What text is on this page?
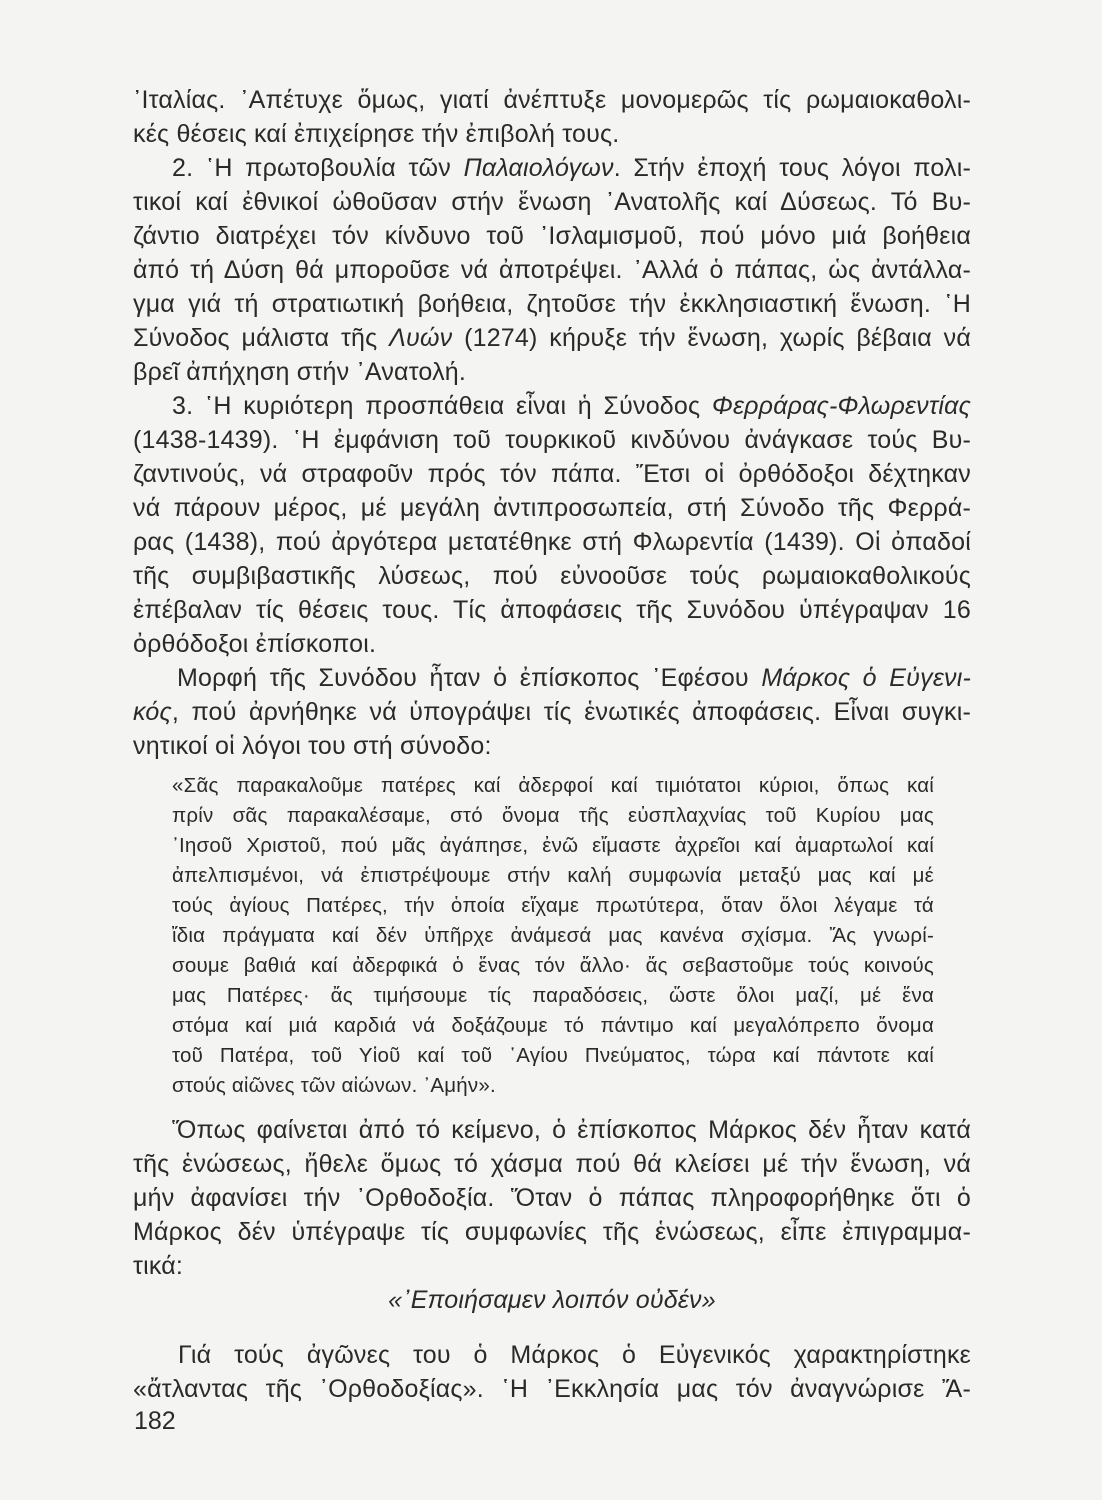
᾽Ιταλίας. ᾽Απέτυχε ὅμως, γιατί ἀνέπτυξε μονομερῶς τίς ρωμαιοκαθολι-
κές θέσεις καί ἐπιχείρησε τήν ἐπιβολή τους.
2. ῾Η πρωτοβουλία τῶν Παλαιολόγων. Στήν ἐποχή τους λόγοι πολι-
τικοί καί ἐθνικοί ὠθοῦσαν στήν ἕνωση ᾽Ανατολῆς καί Δύσεως. Τό Βυ-
ζάντιο διατρέχει τόν κίνδυνο τοῦ ᾽Ισλαμισμοῦ, πού μόνο μιά βοήθεια
ἀπό τή Δύση θά μποροῦσε νά ἀποτρέψει. ᾽Αλλά ὁ πάπας, ὡς ἀντάλλα-
γμα γιά τή στρατιωτική βοήθεια, ζητοῦσε τήν ἐκκλησιαστική ἕνωση. ῾Η
Σύνοδος μάλιστα τῆς Λυών (1274) κήρυξε τήν ἕνωση, χωρίς βέβαια νά
βρεῖ ἀπήχηση στήν ᾽Ανατολή.
3. ῾Η κυριότερη προσπάθεια εἶναι ἡ Σύνοδος Φερράρας-Φλωρεντίας
(1438-1439). ῾Η ἐμφάνιση τοῦ τουρκικοῦ κινδύνου ἀνάγκασε τούς Βυ-
ζαντινούς, νά στραφοῦν πρός τόν πάπα. Ἔτσι οἱ ὀρθόδοξοι δέχτηκαν
νά πάρουν μέρος, μέ μεγάλη ἀντιπροσωπεία, στή Σύνοδο τῆς Φερρά-
ρας (1438), πού ἀργότερα μετατέθηκε στή Φλωρεντία (1439). Οἱ ὀπαδοί
τῆς συμβιβαστικῆς λύσεως, πού εὐνοοῦσε τούς ρωμαιοκαθολικούς
ἐπέβαλαν τίς θέσεις τους. Τίς ἀποφάσεις τῆς Συνόδου ὑπέγραψαν 16
ὀρθόδοξοι ἐπίσκοποι.
Μορφή τῆς Συνόδου ἦταν ὁ ἐπίσκοπος ᾽Εφέσου Μάρκος ὁ Εὐγενι-
κός, πού ἀρνήθηκε νά ὑπογράψει τίς ἑνωτικές ἀποφάσεις. Εἶναι συγκι-
νητικοί οἱ λόγοι του στή σύνοδο:
«Σᾶς παρακαλοῦμε πατέρες καί ἀδερφοί καί τιμιότατοι κύριοι, ὅπως καί
πρίν σᾶς παρακαλέσαμε, στό ὄνομα τῆς εὐσπλαχνίας τοῦ Κυρίου μας
᾽Ιησοῦ Χριστοῦ, πού μᾶς ἀγάπησε, ἐνῶ εἴμαστε ἀχρεῖοι καί ἁμαρτωλοί καί
ἀπελπισμένοι, νά ἐπιστρέψουμε στήν καλή συμφωνία μεταξύ μας καί μέ
τούς ἁγίους Πατέρες, τήν ὁποία εἴχαμε πρωτύτερα, ὅταν ὅλοι λέγαμε τά
ἴδια πράγματα καί δέν ὑπῆρχε ἀνάμεσά μας κανένα σχίσμα. Ἄς γνωρί-
σουμε βαθιά καί ἀδερφικά ὁ ἕνας τόν ἄλλο· ἄς σεβαστοῦμε τούς κοινούς
μας Πατέρες· ἄς τιμήσουμε τίς παραδόσεις, ὥστε ὅλοι μαζί, μέ ἕνα
στόμα καί μιά καρδιά νά δοξάζουμε τό πάντιμο καί μεγαλόπρεπο ὄνομα
τοῦ Πατέρα, τοῦ Υἱοῦ καί τοῦ ῾Αγίου Πνεύματος, τώρα καί πάντοτε καί
στούς αἰῶνες τῶν αἰώνων. ᾽Αμήν».
Ὅπως φαίνεται ἀπό τό κείμενο, ὁ ἐπίσκοπος Μάρκος δέν ἦταν κατά
τῆς ἑνώσεως, ἤθελε ὅμως τό χάσμα πού θά κλείσει μέ τήν ἕνωση, νά
μήν ἀφανίσει τήν ᾽Ορθοδοξία. Ὅταν ὁ πάπας πληροφορήθηκε ὅτι ὁ
Μάρκος δέν ὑπέγραψε τίς συμφωνίες τῆς ἑνώσεως, εἶπε ἐπιγραμμα-
τικά:
«᾽Εποιήσαμεν λοιπόν οὐδέν»
Γιά τούς ἀγῶνες του ὁ Μάρκος ὁ Εὐγενικός χαρακτηρίστηκε
«ἄτλαντας τῆς ᾽Ορθοδοξίας». ῾Η ᾽Εκκλησία μας τόν ἀναγνώρισε Ἄ-
182
